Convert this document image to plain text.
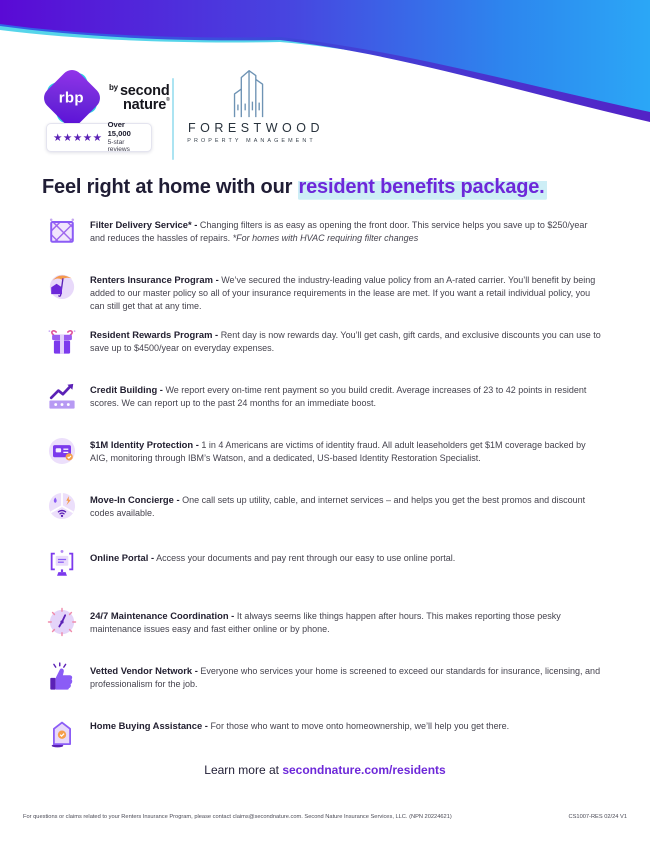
rbp
$^{by}$ second
nature®
★★★★★
Over 15,000
5-star reviews
FORESTWOOD
PROPERTY MANAGEMENT
Feel right at home with our resident benefits package.

Filter Delivery Service* - Changing filters is as easy as opening the front door. This service helps you save up to $250/year and reduces the hassles of repairs. *For homes with HVAC requiring filter changes

Renters Insurance Program - We’ve secured the industry-leading value policy from an A-rated carrier. You’ll benefit by being added to our master policy so all of your insurance requirements in the lease are met. If you want a retail individual policy, you can still get that at any time.

Resident Rewards Program - Rent day is now rewards day. You’ll get cash, gift cards, and exclusive discounts you can use to save up to $4500/year on everyday expenses.

Credit Building - We report every on-time rent payment so you build credit. Average increases of 23 to 42 points in resident scores. We can report up to the past 24 months for an immediate boost.

$1M Identity Protection - 1 in 4 Americans are victims of identity fraud. All adult leaseholders get $1M coverage backed by AIG, monitoring through IBM’s Watson, and a dedicated, US-based Identity Restoration Specialist.

Move-In Concierge - One call sets up utility, cable, and internet services – and helps you get the best promos and discount codes available.

Online Portal - Access your documents and pay rent through our easy to use online portal.

24/7 Maintenance Coordination - It always seems like things happen after hours. This makes reporting those pesky maintenance issues easy and fast either online or by phone.

Vetted Vendor Network - Everyone who services your home is screened to exceed our standards for insurance, licensing, and professionalism for the job.

Home Buying Assistance - For those who want to move onto homeownership, we’ll help you get there.

Learn more at secondnature.com/residents
For questions or claims related to your Renters Insurance Program, please contact claims@secondnature.com. Second Nature Insurance Services, LLC. (NPN 20224621)	CS1007-RES 02/24 V1
